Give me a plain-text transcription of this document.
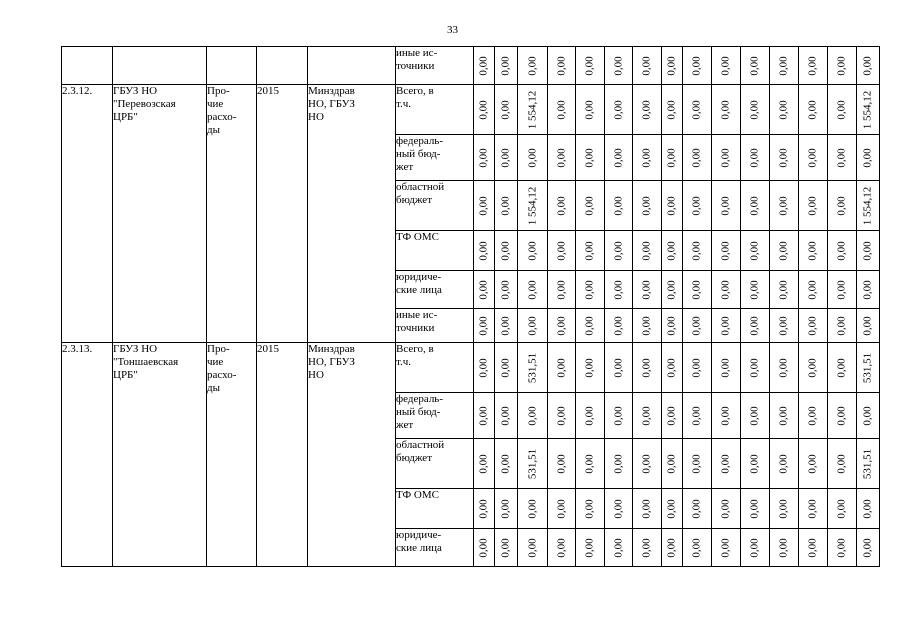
33
					иные ис-
точники	0,00	0,00	0,00	0,00	0,00	0,00	0,00	0,00	0,00	0,00	0,00	0,00	0,00	0,00	0,00

2.3.12.	ГБУЗ НО
"Перевозская
ЦРБ"	Про-
чие
расхо-
ды	2015	Минздрав
НО, ГБУЗ
НО	Всего, в
т.ч.	0,00	0,00	1 554,12	0,00	0,00	0,00	0,00	0,00	0,00	0,00	0,00	0,00	0,00	0,00	1 554,12

					федераль-
ный бюд-
жет	0,00	0,00	0,00	0,00	0,00	0,00	0,00	0,00	0,00	0,00	0,00	0,00	0,00	0,00	0,00

					областной
бюджет	0,00	0,00	1 554,12	0,00	0,00	0,00	0,00	0,00	0,00	0,00	0,00	0,00	0,00	0,00	1 554,12

					ТФ ОМС	0,00	0,00	0,00	0,00	0,00	0,00	0,00	0,00	0,00	0,00	0,00	0,00	0,00	0,00	0,00

					юридиче-
ские лица	0,00	0,00	0,00	0,00	0,00	0,00	0,00	0,00	0,00	0,00	0,00	0,00	0,00	0,00	0,00

					иные ис-
точники	0,00	0,00	0,00	0,00	0,00	0,00	0,00	0,00	0,00	0,00	0,00	0,00	0,00	0,00	0,00

2.3.13.	ГБУЗ НО
"Тоншаевская
ЦРБ"	Про-
чие
расхо-
ды	2015	Минздрав
НО, ГБУЗ
НО	Всего, в
т.ч.	0,00	0,00	531,51	0,00	0,00	0,00	0,00	0,00	0,00	0,00	0,00	0,00	0,00	0,00	531,51

					федераль-
ный бюд-
жет	0,00	0,00	0,00	0,00	0,00	0,00	0,00	0,00	0,00	0,00	0,00	0,00	0,00	0,00	0,00

					областной
бюджет	0,00	0,00	531,51	0,00	0,00	0,00	0,00	0,00	0,00	0,00	0,00	0,00	0,00	0,00	531,51

					ТФ ОМС	0,00	0,00	0,00	0,00	0,00	0,00	0,00	0,00	0,00	0,00	0,00	0,00	0,00	0,00	0,00

					юридиче-
ские лица	0,00	0,00	0,00	0,00	0,00	0,00	0,00	0,00	0,00	0,00	0,00	0,00	0,00	0,00	0,00
